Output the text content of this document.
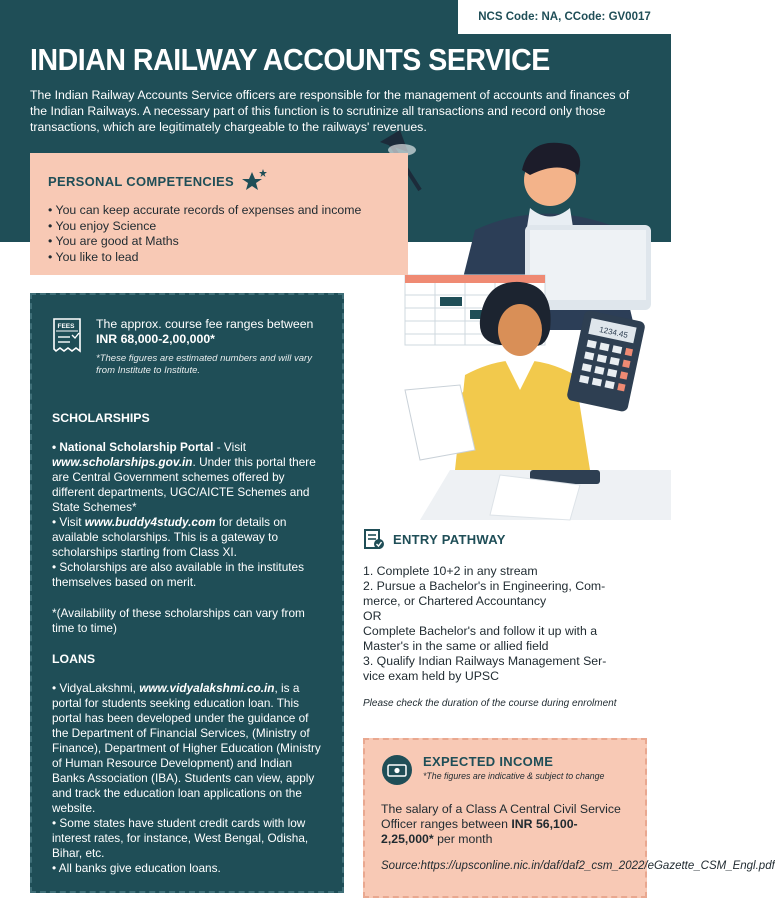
NCS Code: NA, CCode: GV0017
INDIAN RAILWAY ACCOUNTS SERVICE
The Indian Railway Accounts Service officers are responsible for the management of accounts and finances of the Indian Railways. A necessary part of this function is to scrutinize all transactions and record only those transactions, which are legitimately chargeable to the railways' revenues.
1234.45
PERSONAL COMPETENCIES
• You can keep accurate records of expenses and income
• You enjoy Science
• You are good at Maths
• You like to lead
FEES The approx. course fee ranges between
INR 68,000-2,00,000*
*These figures are estimated numbers and will vary from Institute to Institute.
SCHOLARSHIPS
• National Scholarship Portal - Visit www.scholarships.gov.in. Under this portal there are Central Government schemes offered by different departments, UGC/AICTE Schemes and State Schemes*
• Visit www.buddy4study.com for details on available scholarships. This is a gateway to scholarships starting from Class XI.
• Scholarships are also available in the institutes themselves based on merit.
*(Availability of these scholarships can vary from time to time)
LOANS
• VidyaLakshmi, www.vidyalakshmi.co.in, is a portal for students seeking education loan. This portal has been developed under the guidance of the Department of Financial Services, (Ministry of Finance), Department of Higher Education (Ministry of Human Resource Development) and Indian Banks Association (IBA). Students can view, apply and track the education loan applications on the website.
• Some states have student credit cards with low interest rates, for instance, West Bengal, Odisha, Bihar, etc.
• All banks give education loans.
ENTRY PATHWAY
1. Complete 10+2 in any stream
2. Pursue a Bachelor's in Engineering, Com-
merce, or Chartered Accountancy
OR
Complete Bachelor's and follow it up with a
Master's in the same or allied field
3. Qualify Indian Railways Management Ser-
vice exam held by UPSC
Please check the duration of the course during enrolment
EXPECTED INCOME
*The figures are indicative & subject to change
The salary of a Class A Central Civil Service Officer ranges between INR 56,100- 2,25,000* per month
Source:https://upsconline.nic.in/daf/daf2_csm_2022/eGazette_CSM_Engl.pdf
